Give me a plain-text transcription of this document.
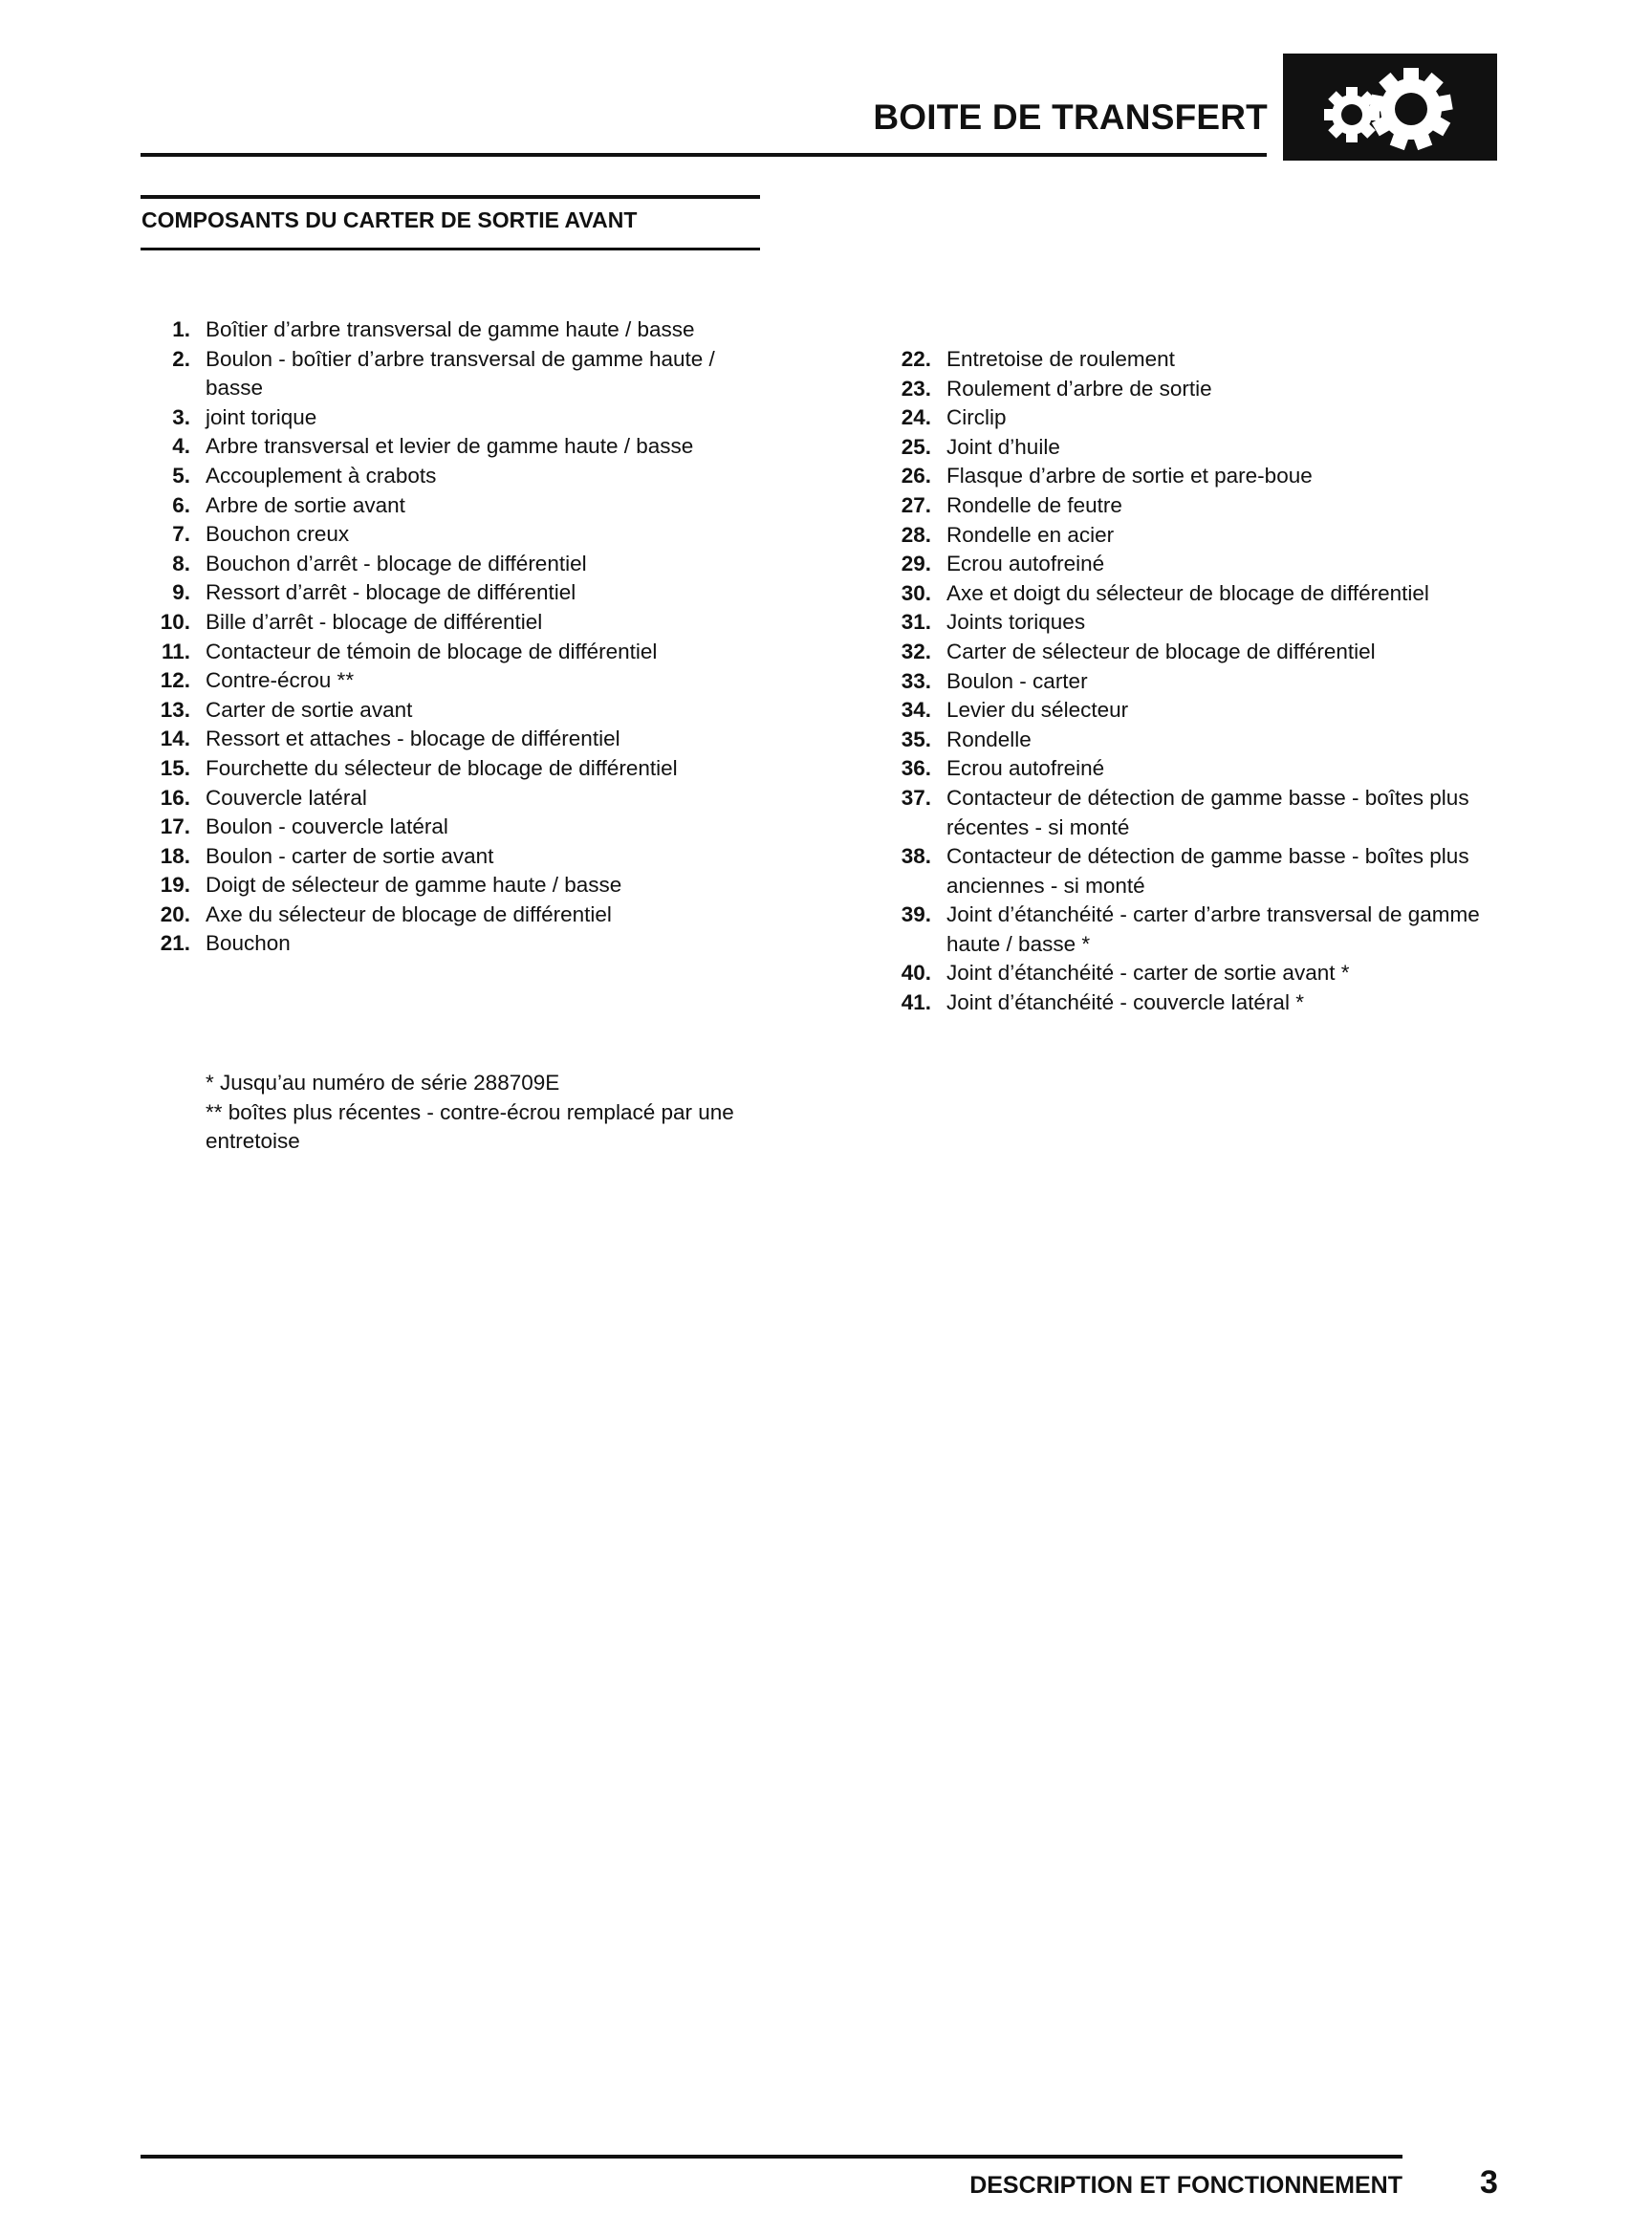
BOITE DE TRANSFERT
COMPOSANTS DU CARTER DE SORTIE AVANT
1. Boîtier d’arbre transversal de gamme haute / basse
2. Boulon - boîtier d’arbre transversal de gamme haute / basse
3. joint torique
4. Arbre transversal et levier de gamme haute / basse
5. Accouplement à crabots
6. Arbre de sortie avant
7. Bouchon creux
8. Bouchon d’arrêt - blocage de différentiel
9. Ressort d’arrêt - blocage de différentiel
10. Bille d’arrêt - blocage de différentiel
11. Contacteur de témoin de blocage de différentiel
12. Contre-écrou **
13. Carter de sortie avant
14. Ressort et attaches - blocage de différentiel
15. Fourchette du sélecteur de blocage de différentiel
16. Couvercle latéral
17. Boulon - couvercle latéral
18. Boulon - carter de sortie avant
19. Doigt de sélecteur de gamme haute / basse
20. Axe du sélecteur de blocage de différentiel
21. Bouchon
22. Entretoise de roulement
23. Roulement d’arbre de sortie
24. Circlip
25. Joint d’huile
26. Flasque d’arbre de sortie et pare-boue
27. Rondelle de feutre
28. Rondelle en acier
29. Ecrou autofreiné
30. Axe et doigt du sélecteur de blocage de différentiel
31. Joints toriques
32. Carter de sélecteur de blocage de différentiel
33. Boulon - carter
34. Levier du sélecteur
35. Rondelle
36. Ecrou autofreiné
37. Contacteur de détection de gamme basse - boîtes plus récentes - si monté
38. Contacteur de détection de gamme basse - boîtes plus anciennes - si monté
39. Joint d’étanchéité - carter d’arbre transversal de gamme haute / basse *
40. Joint d’étanchéité - carter de sortie avant *
41. Joint d’étanchéité - couvercle latéral *
* Jusqu’au numéro de série 288709E
** boîtes plus récentes - contre-écrou remplacé par une entretoise
DESCRIPTION ET FONCTIONNEMENT 3
